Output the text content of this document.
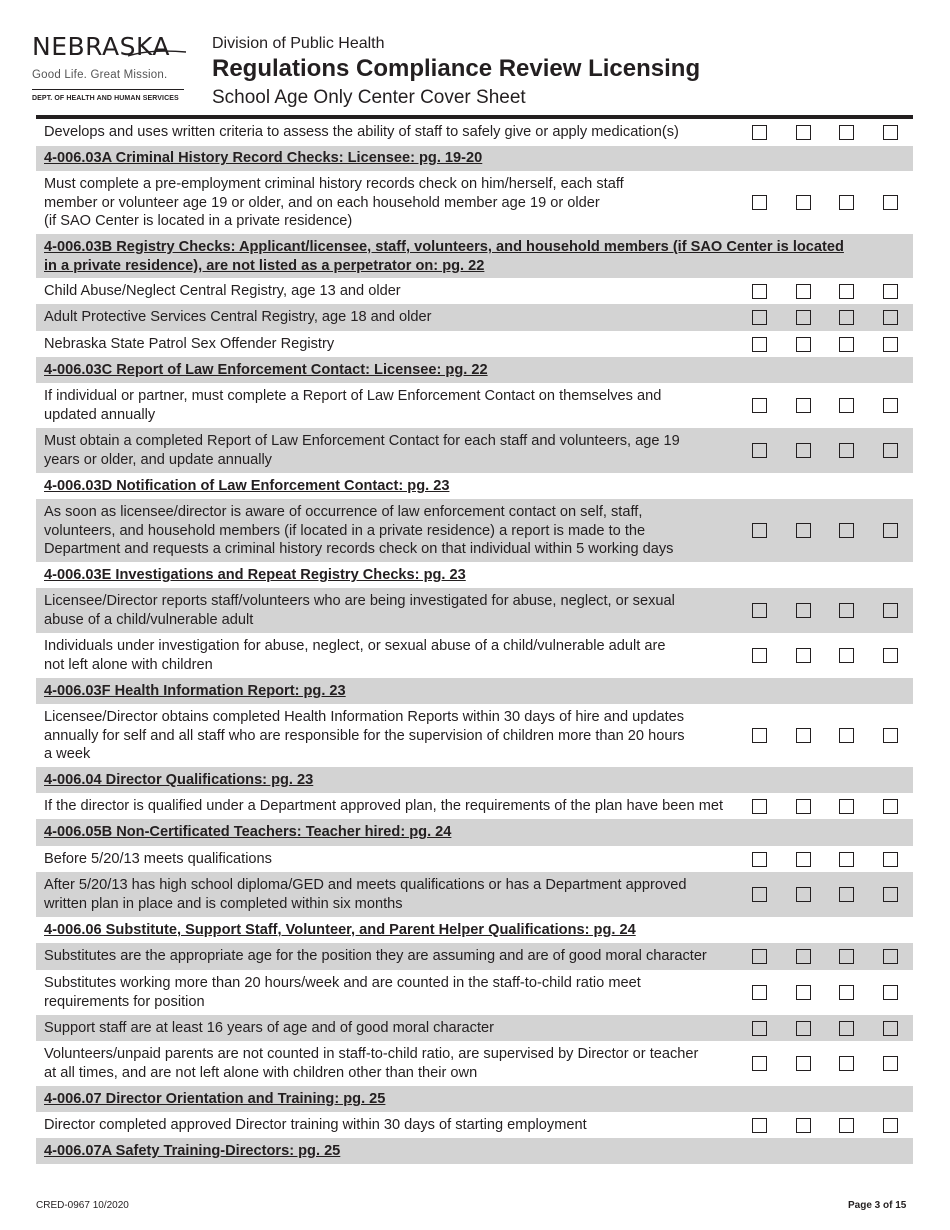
NEBRASKA
Good Life. Great Mission.
DEPT. OF HEALTH AND HUMAN SERVICES
Division of Public Health
Regulations Compliance Review Licensing
School Age Only Center Cover Sheet
Develops and uses written criteria to assess the ability of staff to safely give or apply medication(s)
4-006.03A Criminal History Record Checks: Licensee: pg. 19-20
Must complete a pre-employment criminal history records check on him/herself, each staff
member or volunteer age 19 or older, and on each household member age 19 or older
(if SAO Center is located in a private residence)
4-006.03B Registry Checks: Applicant/licensee, staff, volunteers, and household members (if SAO Center is located
in a private residence), are not listed as a perpetrator on: pg. 22
Child Abuse/Neglect Central Registry, age 13 and older
Adult Protective Services Central Registry, age 18 and older
Nebraska State Patrol Sex Offender Registry
4-006.03C Report of Law Enforcement Contact: Licensee: pg. 22
If individual or partner, must complete a Report of Law Enforcement Contact on themselves and
updated annually
Must obtain a completed Report of Law Enforcement Contact for each staff and volunteers, age 19
years or older, and update annually
4-006.03D Notification of Law Enforcement Contact: pg. 23
As soon as licensee/director is aware of occurrence of law enforcement contact on self, staff,
volunteers, and household members (if located in a private residence) a report is made to the
Department and requests a criminal history records check on that individual within 5 working days
4-006.03E Investigations and Repeat Registry Checks: pg. 23
Licensee/Director reports staff/volunteers who are being investigated for abuse, neglect, or sexual
abuse of a child/vulnerable adult
Individuals under investigation for abuse, neglect, or sexual abuse of a child/vulnerable adult are
not left alone with children
4-006.03F Health Information Report: pg. 23
Licensee/Director obtains completed Health Information Reports within 30 days of hire and updates
annually for self and all staff who are responsible for the supervision of children more than 20 hours
a week
4-006.04 Director Qualifications: pg. 23
If the director is qualified under a Department approved plan, the requirements of the plan have been met
4-006.05B Non-Certificated Teachers: Teacher hired: pg. 24
Before 5/20/13 meets qualifications
After 5/20/13 has high school diploma/GED and meets qualifications or has a Department approved
written plan in place and is completed within six months
4-006.06 Substitute, Support Staff, Volunteer, and Parent Helper Qualifications: pg. 24
Substitutes are the appropriate age for the position they are assuming and are of good moral character
Substitutes working more than 20 hours/week and are counted in the staff-to-child ratio meet
requirements for position
Support staff are at least 16 years of age and of good moral character
Volunteers/unpaid parents are not counted in staff-to-child ratio, are supervised by Director or teacher
at all times, and are not left alone with children other than their own
4-006.07 Director Orientation and Training: pg. 25
Director completed approved Director training within 30 days of starting employment
4-006.07A Safety Training-Directors: pg. 25
CRED-0967 10/2020	Page 3 of 15
